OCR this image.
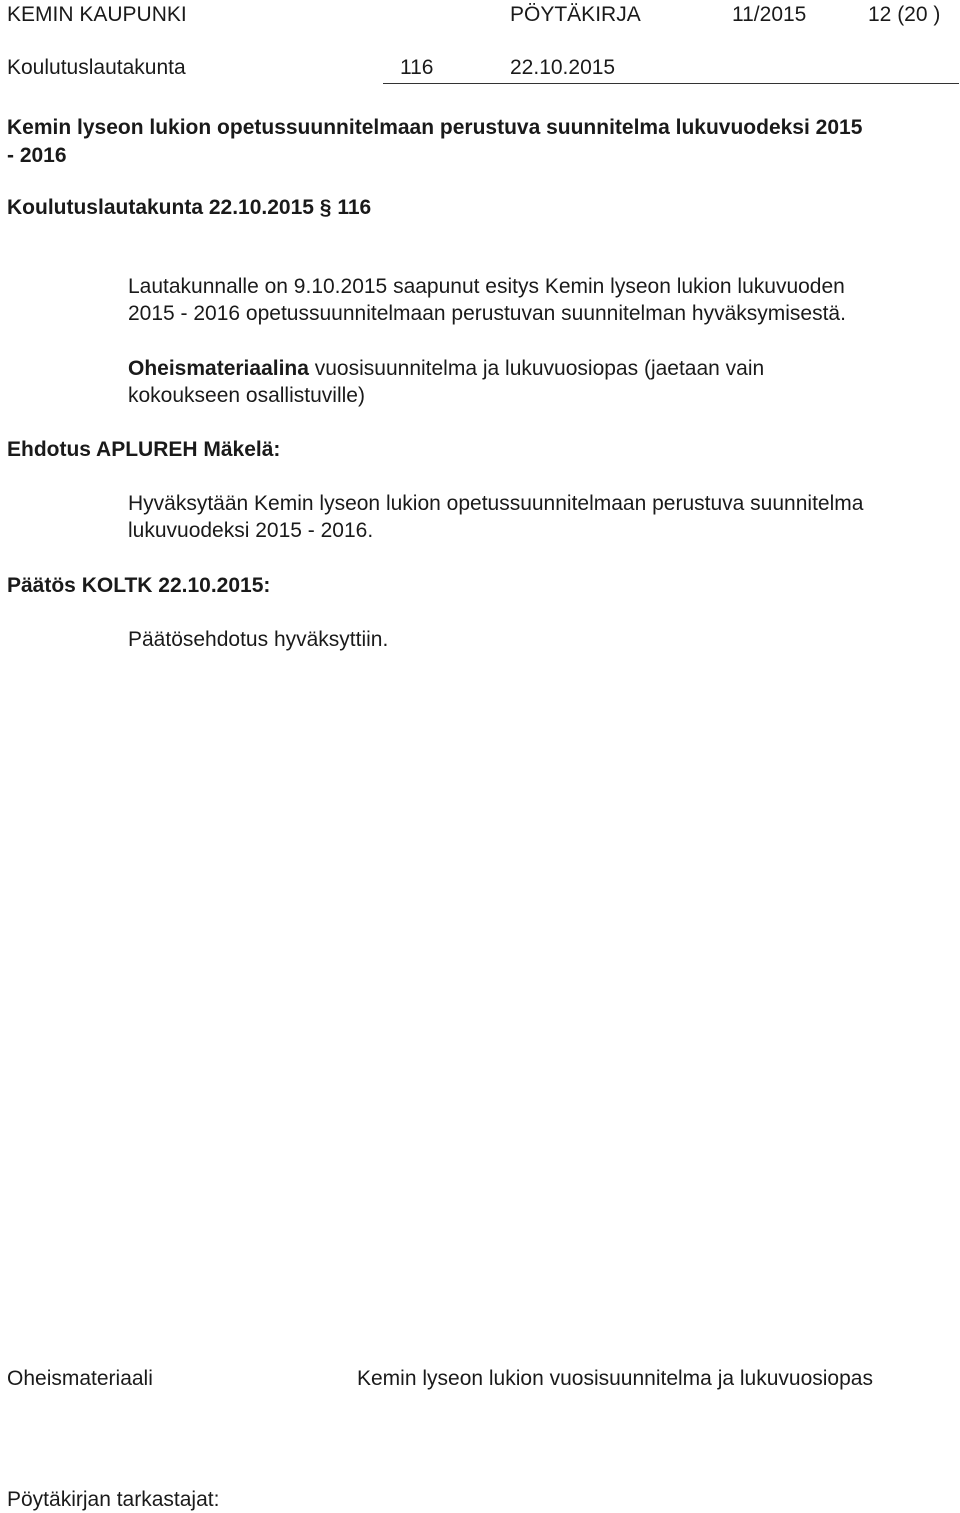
KEMIN KAUPUNKI	PÖYTÄKIRJA	11/2015	12 (20 )
Koulutuslautakunta	116	22.10.2015
Kemin lyseon lukion opetussuunnitelmaan perustuva suunnitelma lukuvuodeksi 2015
- 2016
Koulutuslautakunta 22.10.2015 § 116
Lautakunnalle on 9.10.2015 saapunut esitys Kemin lyseon lukion lukuvuoden
2015 - 2016 opetussuunnitelmaan perustuvan suunnitelman hyväksymisestä.
Oheismateriaalina vuosisuunnitelma ja lukuvuosiopas (jaetaan vain
kokoukseen osallistuville)
Ehdotus APLUREH Mäkelä:
Hyväksytään Kemin lyseon lukion opetussuunnitelmaan perustuva suunnitelma
lukuvuodeksi 2015 - 2016.
Päätös KOLTK 22.10.2015:
Päätösehdotus hyväksyttiin.
Oheismateriaali	Kemin lyseon lukion vuosisuunnitelma ja lukuvuosiopas
Pöytäkirjan tarkastajat:
